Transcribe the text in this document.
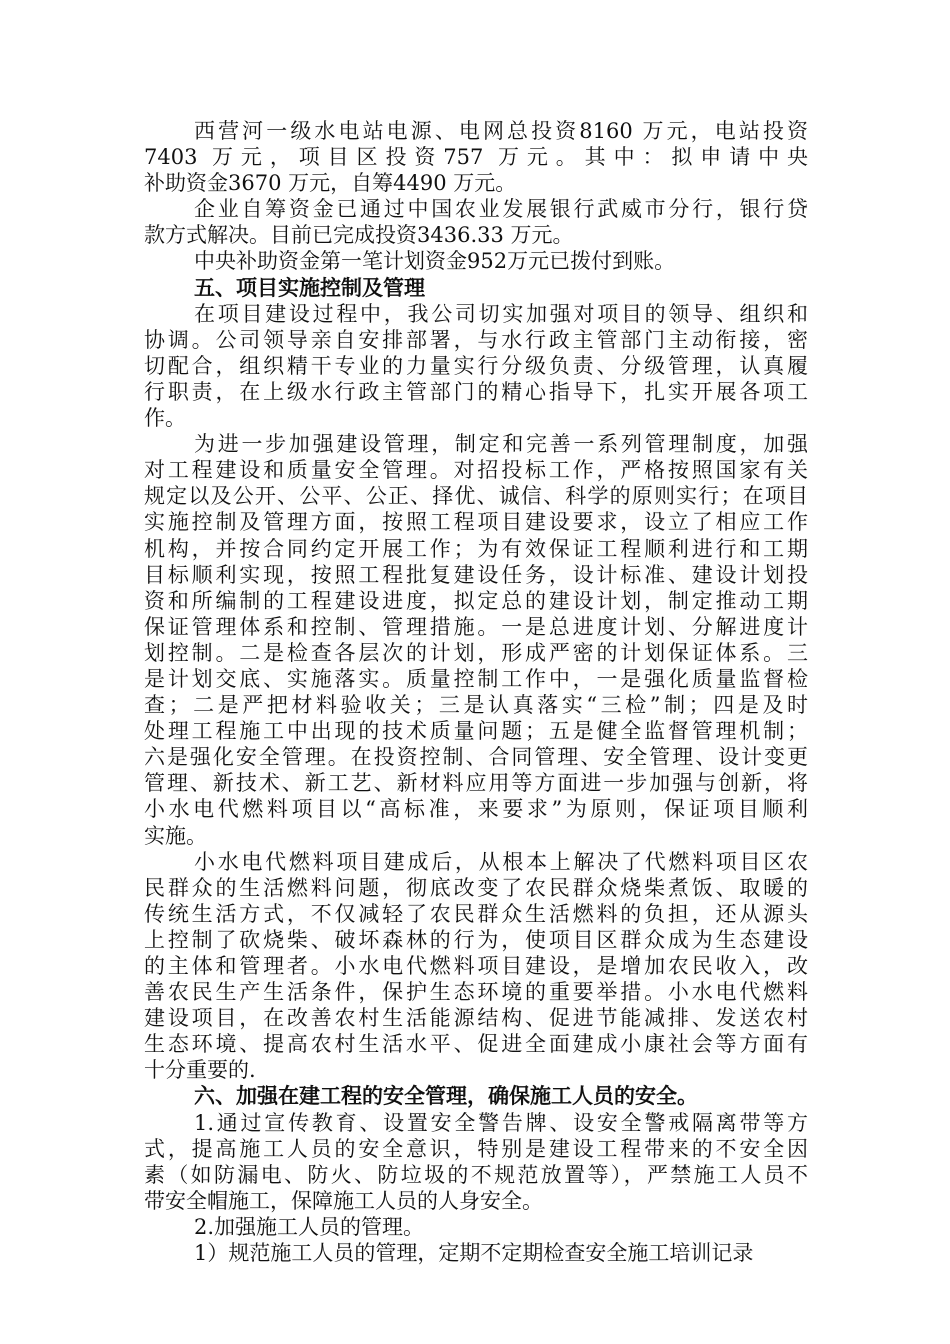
西营河一级水电站电源、电网总投资8160 万元，电站投资
7403 万元，项目区投资757 万元。其中：拟申请中央
补助资金3670 万元，自筹4490 万元。
企业自筹资金已通过中国农业发展银行武威市分行，银行贷
款方式解决。目前已完成投资3436.33 万元。
中央补助资金第一笔计划资金952万元已拨付到账。
五、项目实施控制及管理
在项目建设过程中，我公司切实加强对项目的领导、组织和
协调。公司领导亲自安排部署，与水行政主管部门主动衔接，密
切配合，组织精干专业的力量实行分级负责、分级管理，认真履
行职责，在上级水行政主管部门的精心指导下，扎实开展各项工
作。
为进一步加强建设管理，制定和完善一系列管理制度，加强
对工程建设和质量安全管理。对招投标工作，严格按照国家有关
规定以及公开、公平、公正、择优、诚信、科学的原则实行；在项目
实施控制及管理方面，按照工程项目建设要求，设立了相应工作
机构，并按合同约定开展工作；为有效保证工程顺利进行和工期
目标顺利实现，按照工程批复建设任务，设计标准、建设计划投
资和所编制的工程建设进度，拟定总的建设计划，制定推动工期
保证管理体系和控制、管理措施。一是总进度计划、分解进度计
划控制。二是检查各层次的计划，形成严密的计划保证体系。三
是计划交底、实施落实。质量控制工作中，一是强化质量监督检
查；二是严把材料验收关；三是认真落实“三检”制；四是及时
处理工程施工中出现的技术质量问题；五是健全监督管理机制；
六是强化安全管理。在投资控制、合同管理、安全管理、设计变更
管理、新技术、新工艺、新材料应用等方面进一步加强与创新，将
小水电代燃料项目以“高标准，来要求”为原则，保证项目顺利
实施。
小水电代燃料项目建成后，从根本上解决了代燃料项目区农
民群众的生活燃料问题，彻底改变了农民群众烧柴煮饭、取暖的
传统生活方式，不仅减轻了农民群众生活燃料的负担，还从源头
上控制了砍烧柴、破坏森林的行为，使项目区群众成为生态建设
的主体和管理者。小水电代燃料项目建设，是增加农民收入，改
善农民生产生活条件，保护生态环境的重要举措。小水电代燃料
建设项目，在改善农村生活能源结构、促进节能减排、发送农村
生态环境、提高农村生活水平、促进全面建成小康社会等方面有
十分重要的.
六、加强在建工程的安全管理，确保施工人员的安全。
1.通过宣传教育、设置安全警告牌、设安全警戒隔离带等方
式，提高施工人员的安全意识，特别是建设工程带来的不安全因
素（如防漏电、防火、防垃圾的不规范放置等），严禁施工人员不
带安全帽施工，保障施工人员的人身安全。
2.加强施工人员的管理。
1）规范施工人员的管理，定期不定期检查安全施工培训记录
